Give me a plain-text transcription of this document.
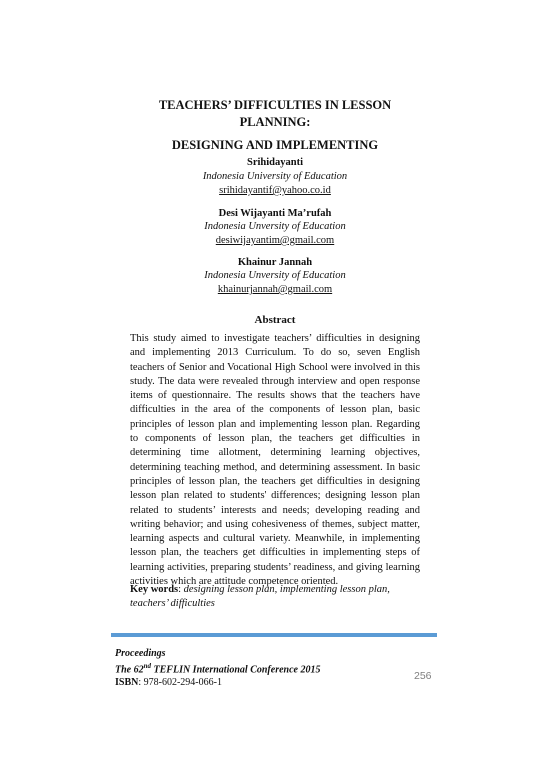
TEACHERS’ DIFFICULTIES IN LESSON
PLANNING:
DESIGNING AND IMPLEMENTING
Srihidayanti
Indonesia University of Education
srihidayantif@yahoo.co.id
Desi Wijayanti Ma’rufah
Indonesia Unversity of Education
desiwijayantim@gmail.com
Khainur Jannah
Indonesia Unversity of Education
khainurjannah@gmail.com
Abstract
This study aimed to investigate teachers’ difficulties in designing and implementing 2013 Curriculum. To do so, seven English teachers of Senior and Vocational High School were involved in this study. The data were revealed through interview and open response items of questionnaire. The results shows that the teachers have difficulties in the area of the components of lesson plan, basic principles of lesson plan and implementing lesson plan. Regarding to components of lesson plan, the teachers get difficulties in determining time allotment, determining learning objectives, determining teaching method, and determining assessment. In basic principles of lesson plan, the teachers get difficulties in designing lesson plan related to students' differences; designing lesson plan related to students’ interests and needs; developing reading and writing behavior; and using cohesiveness of themes, subject matter, learning aspects and cultural variety. Meanwhile, in implementing lesson plan, the teachers get difficulties in implementing steps of learning activities, preparing students’ readiness, and giving learning activities which are attitude competence oriented.
Key words: designing lesson plan, implementing lesson plan, teachers’ difficulties
Proceedings
The 62nd TEFLIN International Conference 2015
ISBN: 978-602-294-066-1
256
